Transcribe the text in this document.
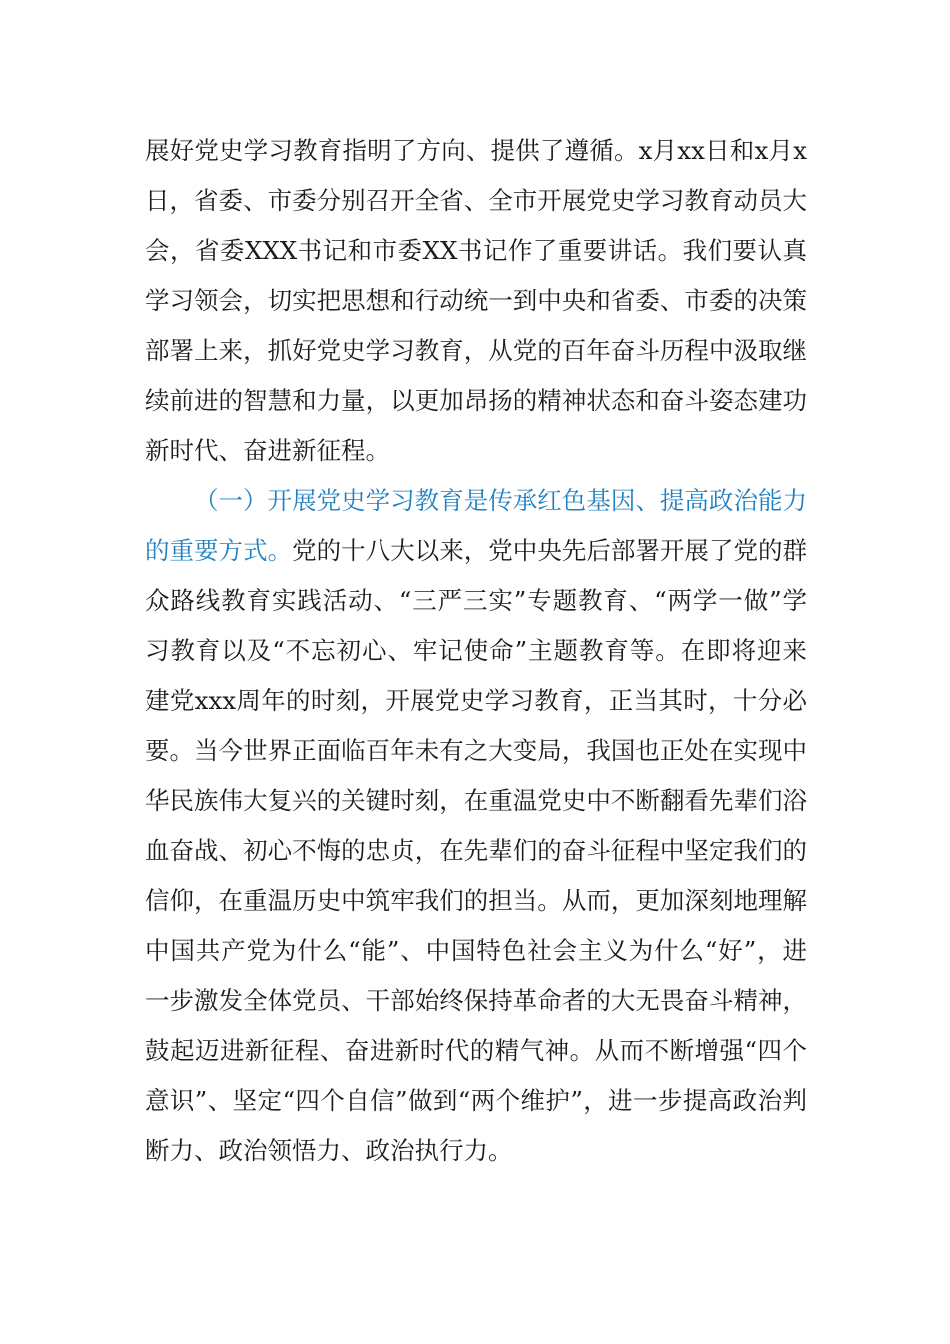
展好党史学习教育指明了方向、提供了遵循。x月xx日和x月x日，省委、市委分别召开全省、全市开展党史学习教育动员大会，省委XXX书记和市委XX书记作了重要讲话。我们要认真学习领会，切实把思想和行动统一到中央和省委、市委的决策部署上来，抓好党史学习教育，从党的百年奋斗历程中汲取继续前进的智慧和力量，以更加昂扬的精神状态和奋斗姿态建功新时代、奋进新征程。

（一）开展党史学习教育是传承红色基因、提高政治能力的重要方式。党的十八大以来，党中央先后部署开展了党的群众路线教育实践活动、“三严三实”专题教育、“两学一做”学习教育以及“不忘初心、牢记使命”主题教育等。在即将迎来建党xxx周年的时刻，开展党史学习教育，正当其时，十分必要。当今世界正面临百年未有之大变局，我国也正处在实现中华民族伟大复兴的关键时刻，在重温党史中不断翻看先辈们浴血奋战、初心不悔的忠贞，在先辈们的奋斗征程中坚定我们的信仰，在重温历史中筑牢我们的担当。从而，更加深刻地理解中国共产党为什么“能”、中国特色社会主义为什么“好”，进一步激发全体党员、干部始终保持革命者的大无畏奋斗精神，鼓起迈进新征程、奋进新时代的精气神。从而不断增强“四个意识”、坚定“四个自信”做到“两个维护”，进一步提高政治判断力、政治领悟力、政治执行力。
